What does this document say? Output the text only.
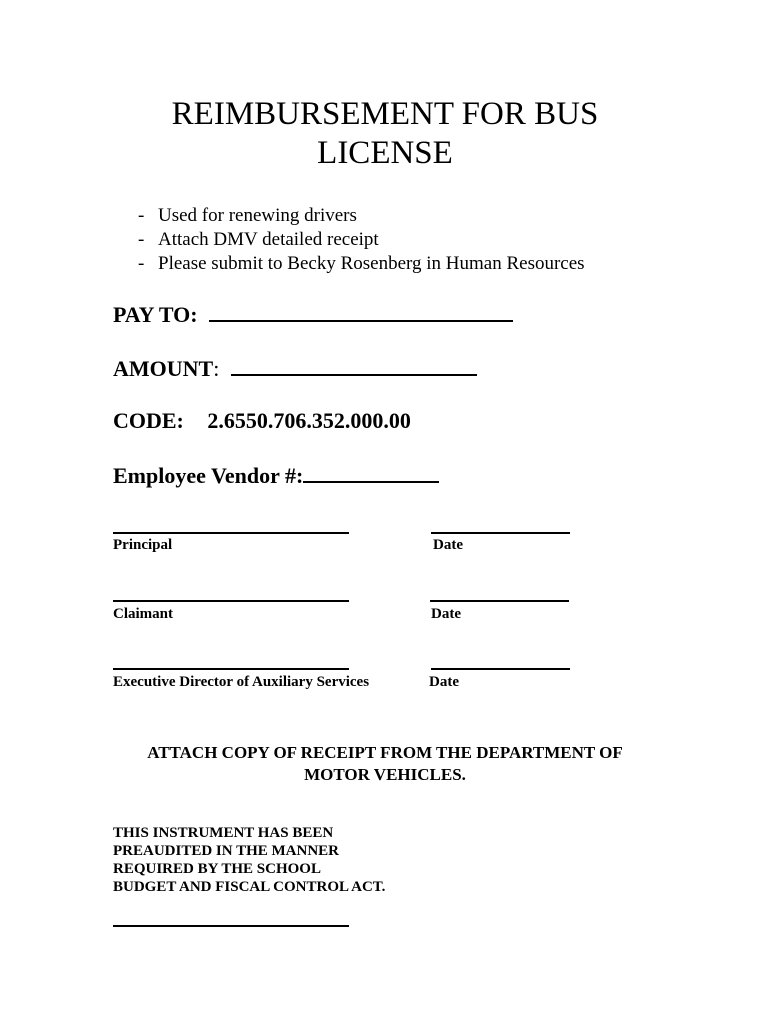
REIMBURSEMENT FOR BUS
LICENSE
- Used for renewing drivers
- Attach DMV detailed receipt
- Please submit to Becky Rosenberg in Human Resources
PAY TO:
AMOUNT:
CODE: 2.6550.706.352.000.00
Employee Vendor #:
Principal	Date
Claimant	Date
Executive Director of Auxiliary Services	Date
ATTACH COPY OF RECEIPT FROM THE DEPARTMENT OF
MOTOR VEHICLES.
THIS INSTRUMENT HAS BEEN
PREAUDITED IN THE MANNER
REQUIRED BY THE SCHOOL
BUDGET AND FISCAL CONTROL ACT.
